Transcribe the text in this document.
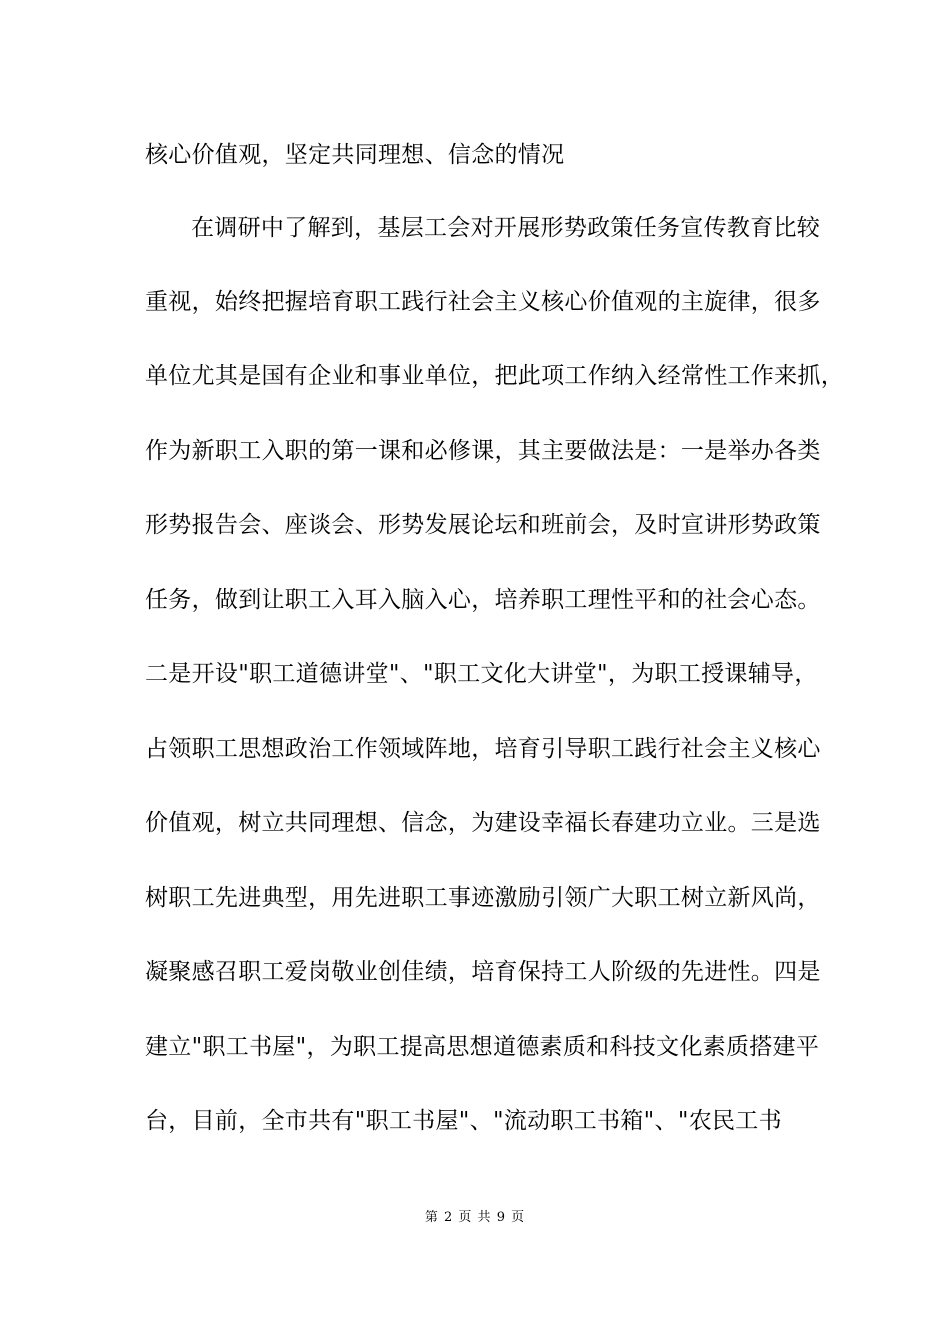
核心价值观，坚定共同理想、信念的情况
在调研中了解到，基层工会对开展形势政策任务宣传教育比较
重视，始终把握培育职工践行社会主义核心价值观的主旋律，很多
单位尤其是国有企业和事业单位，把此项工作纳入经常性工作来抓，
作为新职工入职的第一课和必修课，其主要做法是：一是举办各类
形势报告会、座谈会、形势发展论坛和班前会，及时宣讲形势政策
任务，做到让职工入耳入脑入心，培养职工理性平和的社会心态。
二是开设"职工道德讲堂"、"职工文化大讲堂"，为职工授课辅导，
占领职工思想政治工作领域阵地，培育引导职工践行社会主义核心
价值观，树立共同理想、信念，为建设幸福长春建功立业。三是选
树职工先进典型，用先进职工事迹激励引领广大职工树立新风尚，
凝聚感召职工爱岗敬业创佳绩，培育保持工人阶级的先进性。四是
建立"职工书屋"，为职工提高思想道德素质和科技文化素质搭建平
台，目前，全市共有"职工书屋"、"流动职工书箱"、"农民工书
第 2 页 共 9 页
